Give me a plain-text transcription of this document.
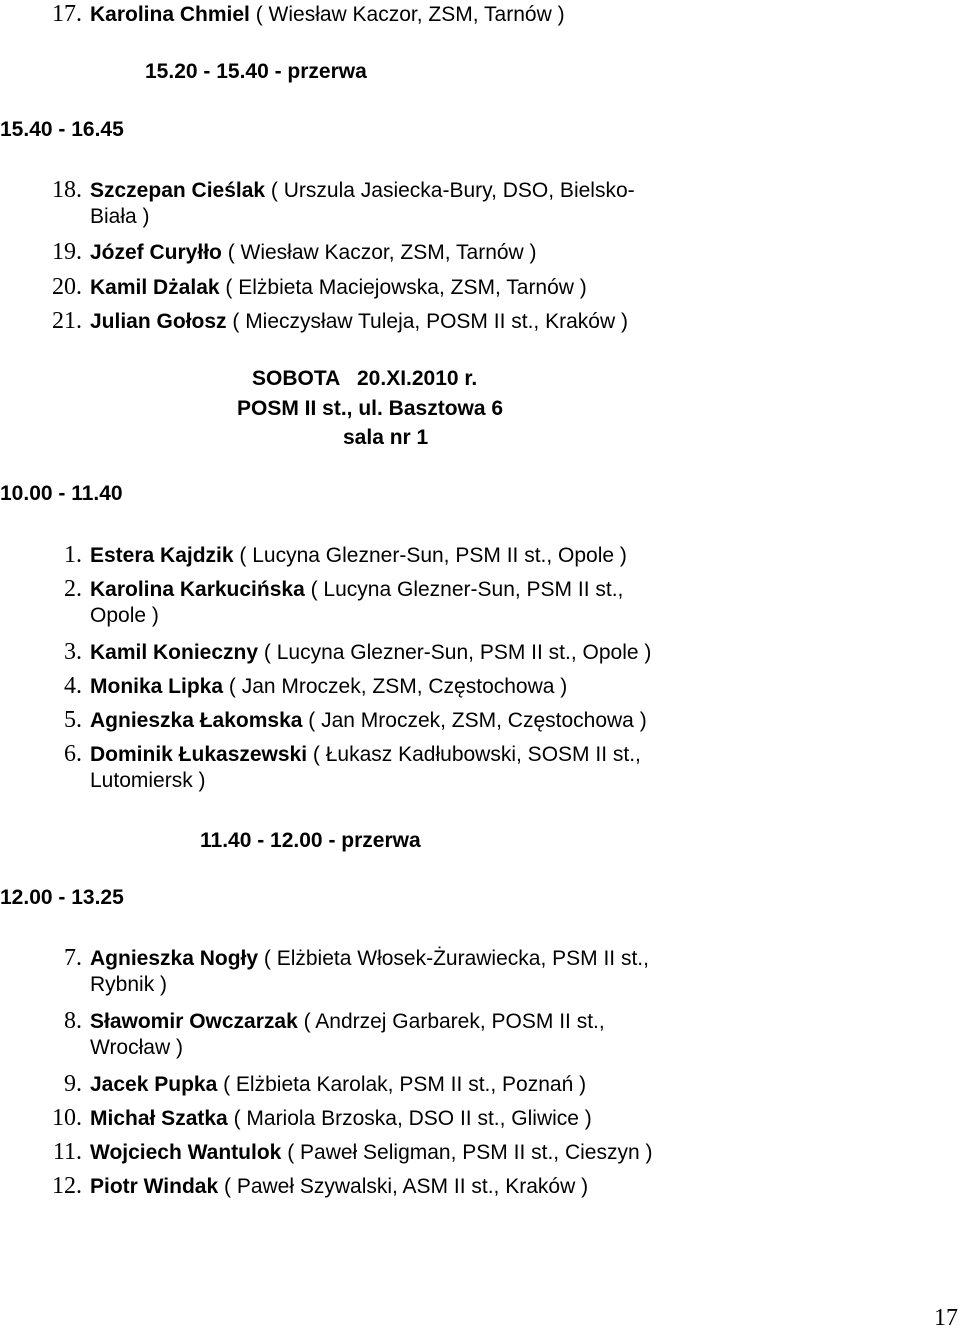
17. Karolina Chmiel ( Wiesław Kaczor, ZSM, Tarnów )
15.20 - 15.40 - przerwa
15.40 - 16.45
18. Szczepan Cieślak ( Urszula Jasiecka-Bury, DSO, Bielsko-
Biała )
19. Józef Curyłło ( Wiesław Kaczor, ZSM, Tarnów )
20. Kamil Dżalak ( Elżbieta Maciejowska, ZSM, Tarnów )
21. Julian Gołosz ( Mieczysław Tuleja, POSM II st., Kraków )
SOBOTA   20.XI.2010 r.
POSM II st., ul. Basztowa 6
sala nr 1
10.00 - 11.40
1. Estera Kajdzik ( Lucyna Glezner-Sun, PSM II st., Opole )
2. Karolina Karkucińska ( Lucyna Glezner-Sun, PSM II st.,
Opole )
3. Kamil Konieczny ( Lucyna Glezner-Sun, PSM II st., Opole )
4. Monika Lipka ( Jan Mroczek, ZSM, Częstochowa )
5. Agnieszka Łakomska ( Jan Mroczek, ZSM, Częstochowa )
6. Dominik Łukaszewski ( Łukasz Kadłubowski, SOSM II st.,
Lutomiersk )
11.40 - 12.00 - przerwa
12.00 - 13.25
7. Agnieszka Nogły ( Elżbieta Włosek-Żurawiecka, PSM II st.,
Rybnik )
8. Sławomir Owczarzak ( Andrzej Garbarek, POSM II st.,
Wrocław )
9. Jacek Pupka ( Elżbieta Karolak, PSM II st., Poznań )
10. Michał Szatka ( Mariola Brzoska, DSO II st., Gliwice )
11. Wojciech Wantulok ( Paweł Seligman, PSM II st., Cieszyn )
12. Piotr Windak ( Paweł Szywalski, ASM II st., Kraków )
17
